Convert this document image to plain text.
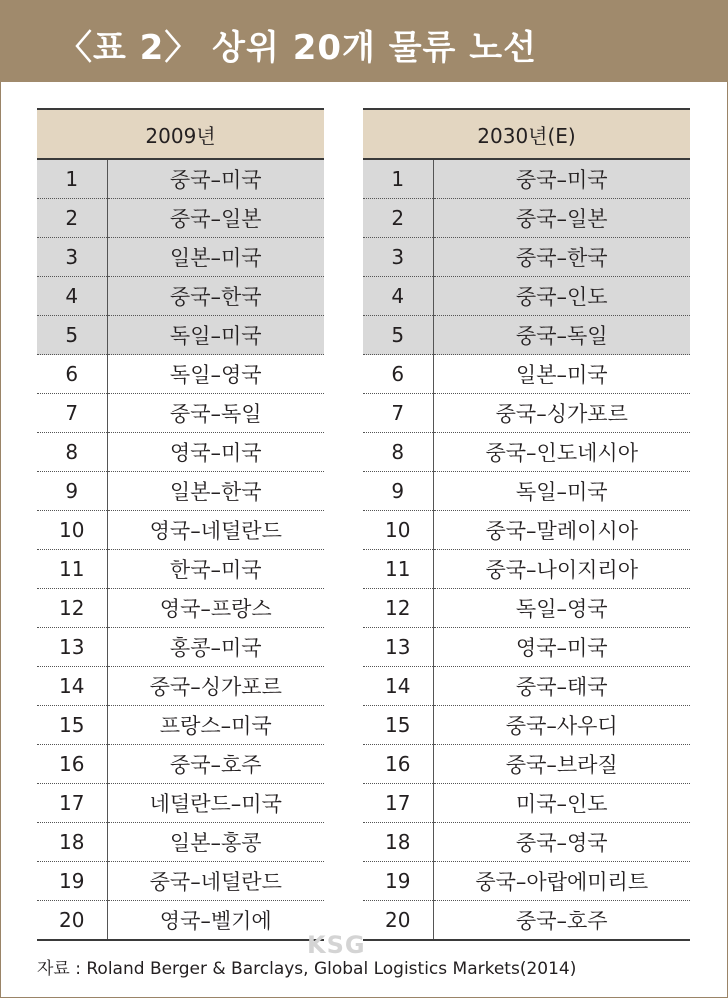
〈표 2〉 상위 20개 물류 노선
2009년	
1	중국–미국
2	중국–일본
3	일본–미국
4	중국–한국
5	독일–미국
6	독일–영국
7	중국–독일
8	영국–미국
9	일본–한국
10	영국–네덜란드
11	한국–미국
12	영국–프랑스
13	홍콩–미국
14	중국–싱가포르
15	프랑스–미국
16	중국–호주
17	네덜란드–미국
18	일본–홍콩
19	중국–네덜란드
20	영국–벨기에
2030년(E)	
1	중국–미국
2	중국–일본
3	중국–한국
4	중국–인도
5	중국–독일
6	일본–미국
7	중국–싱가포르
8	중국–인도네시아
9	독일–미국
10	중국–말레이시아
11	중국–나이지리아
12	독일–영국
13	영국–미국
14	중국–태국
15	중국–사우디
16	중국–브라질
17	미국–인도
18	중국–영국
19	중국–아랍에미리트
20	중국–호주
KSG
자료 : Roland Berger & Barclays, Global Logistics Markets(2014)
